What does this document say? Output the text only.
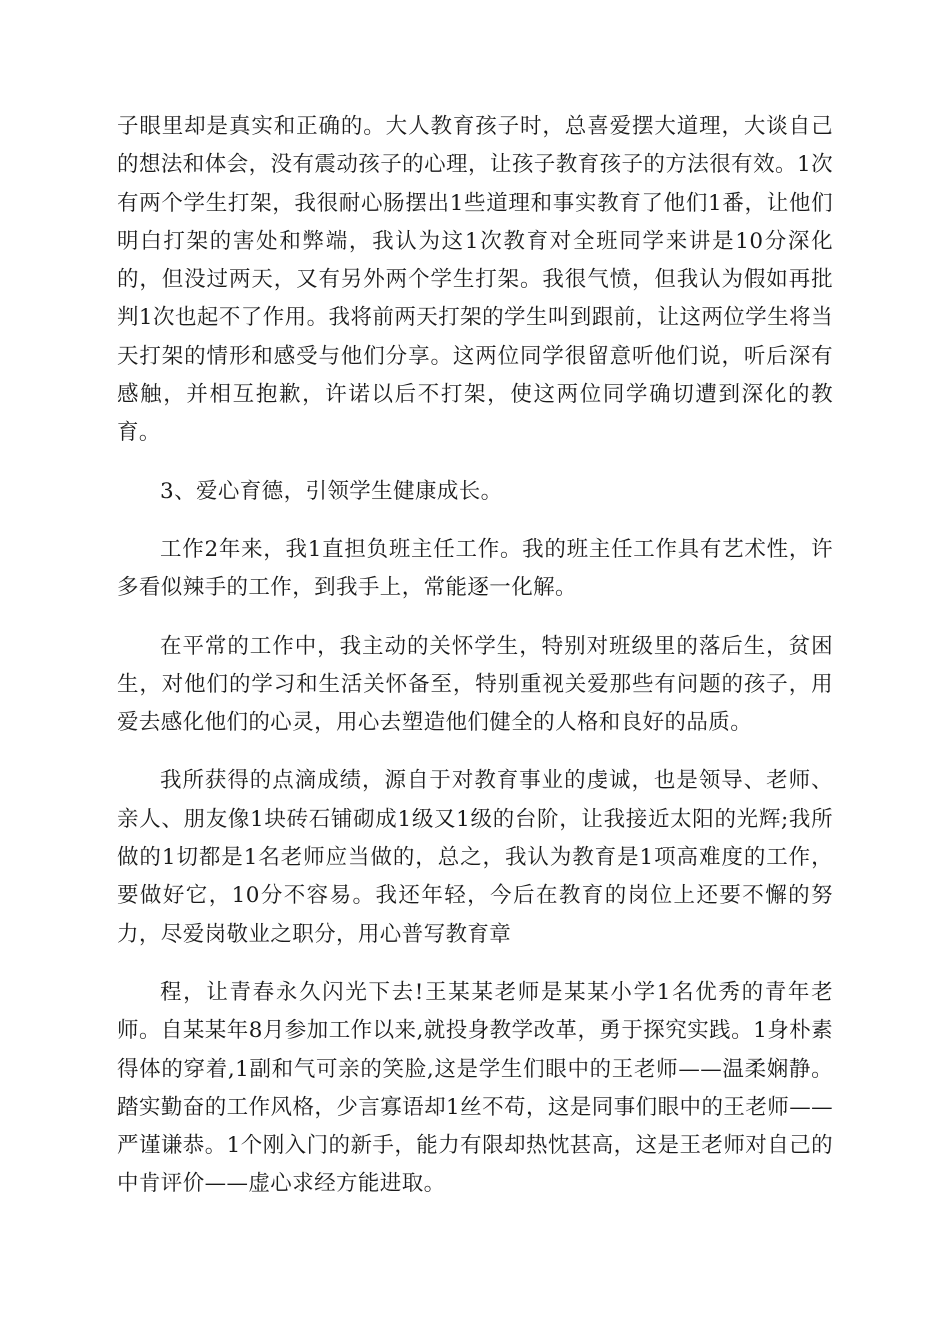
子眼里却是真实和正确的。大人教育孩子时，总喜爱摆大道理，大谈自己的想法和体会，没有震动孩子的心理，让孩子教育孩子的方法很有效。1次有两个学生打架，我很耐心肠摆出1些道理和事实教育了他们1番，让他们明白打架的害处和弊端，我认为这1次教育对全班同学来讲是10分深化的，但没过两天，又有另外两个学生打架。我很气愤，但我认为假如再批判1次也起不了作用。我将前两天打架的学生叫到跟前，让这两位学生将当天打架的情形和感受与他们分享。这两位同学很留意听他们说，听后深有感触，并相互抱歉，许诺以后不打架，使这两位同学确切遭到深化的教育。

3、爱心育德，引领学生健康成长。

工作2年来，我1直担负班主任工作。我的班主任工作具有艺术性，许多看似辣手的工作，到我手上，常能逐一化解。

在平常的工作中，我主动的关怀学生，特别对班级里的落后生，贫困生，对他们的学习和生活关怀备至，特别重视关爱那些有问题的孩子，用爱去感化他们的心灵，用心去塑造他们健全的人格和良好的品质。

我所获得的点滴成绩，源自于对教育事业的虔诚，也是领导、老师、亲人、朋友像1块砖石铺砌成1级又1级的台阶，让我接近太阳的光辉;我所做的1切都是1名老师应当做的，总之，我认为教育是1项高难度的工作，要做好它，10分不容易。我还年轻，今后在教育的岗位上还要不懈的努力，尽爱岗敬业之职分，用心普写教育章

程，让青春永久闪光下去!王某某老师是某某小学1名优秀的青年老师。自某某年8月参加工作以来,就投身教学改革，勇于探究实践。1身朴素得体的穿着,1副和气可亲的笑脸,这是学生们眼中的王老师——温柔娴静。踏实勤奋的工作风格，少言寡语却1丝不苟，这是同事们眼中的王老师——严谨谦恭。1个刚入门的新手，能力有限却热忱甚高，这是王老师对自己的中肯评价——虚心求经方能进取。
